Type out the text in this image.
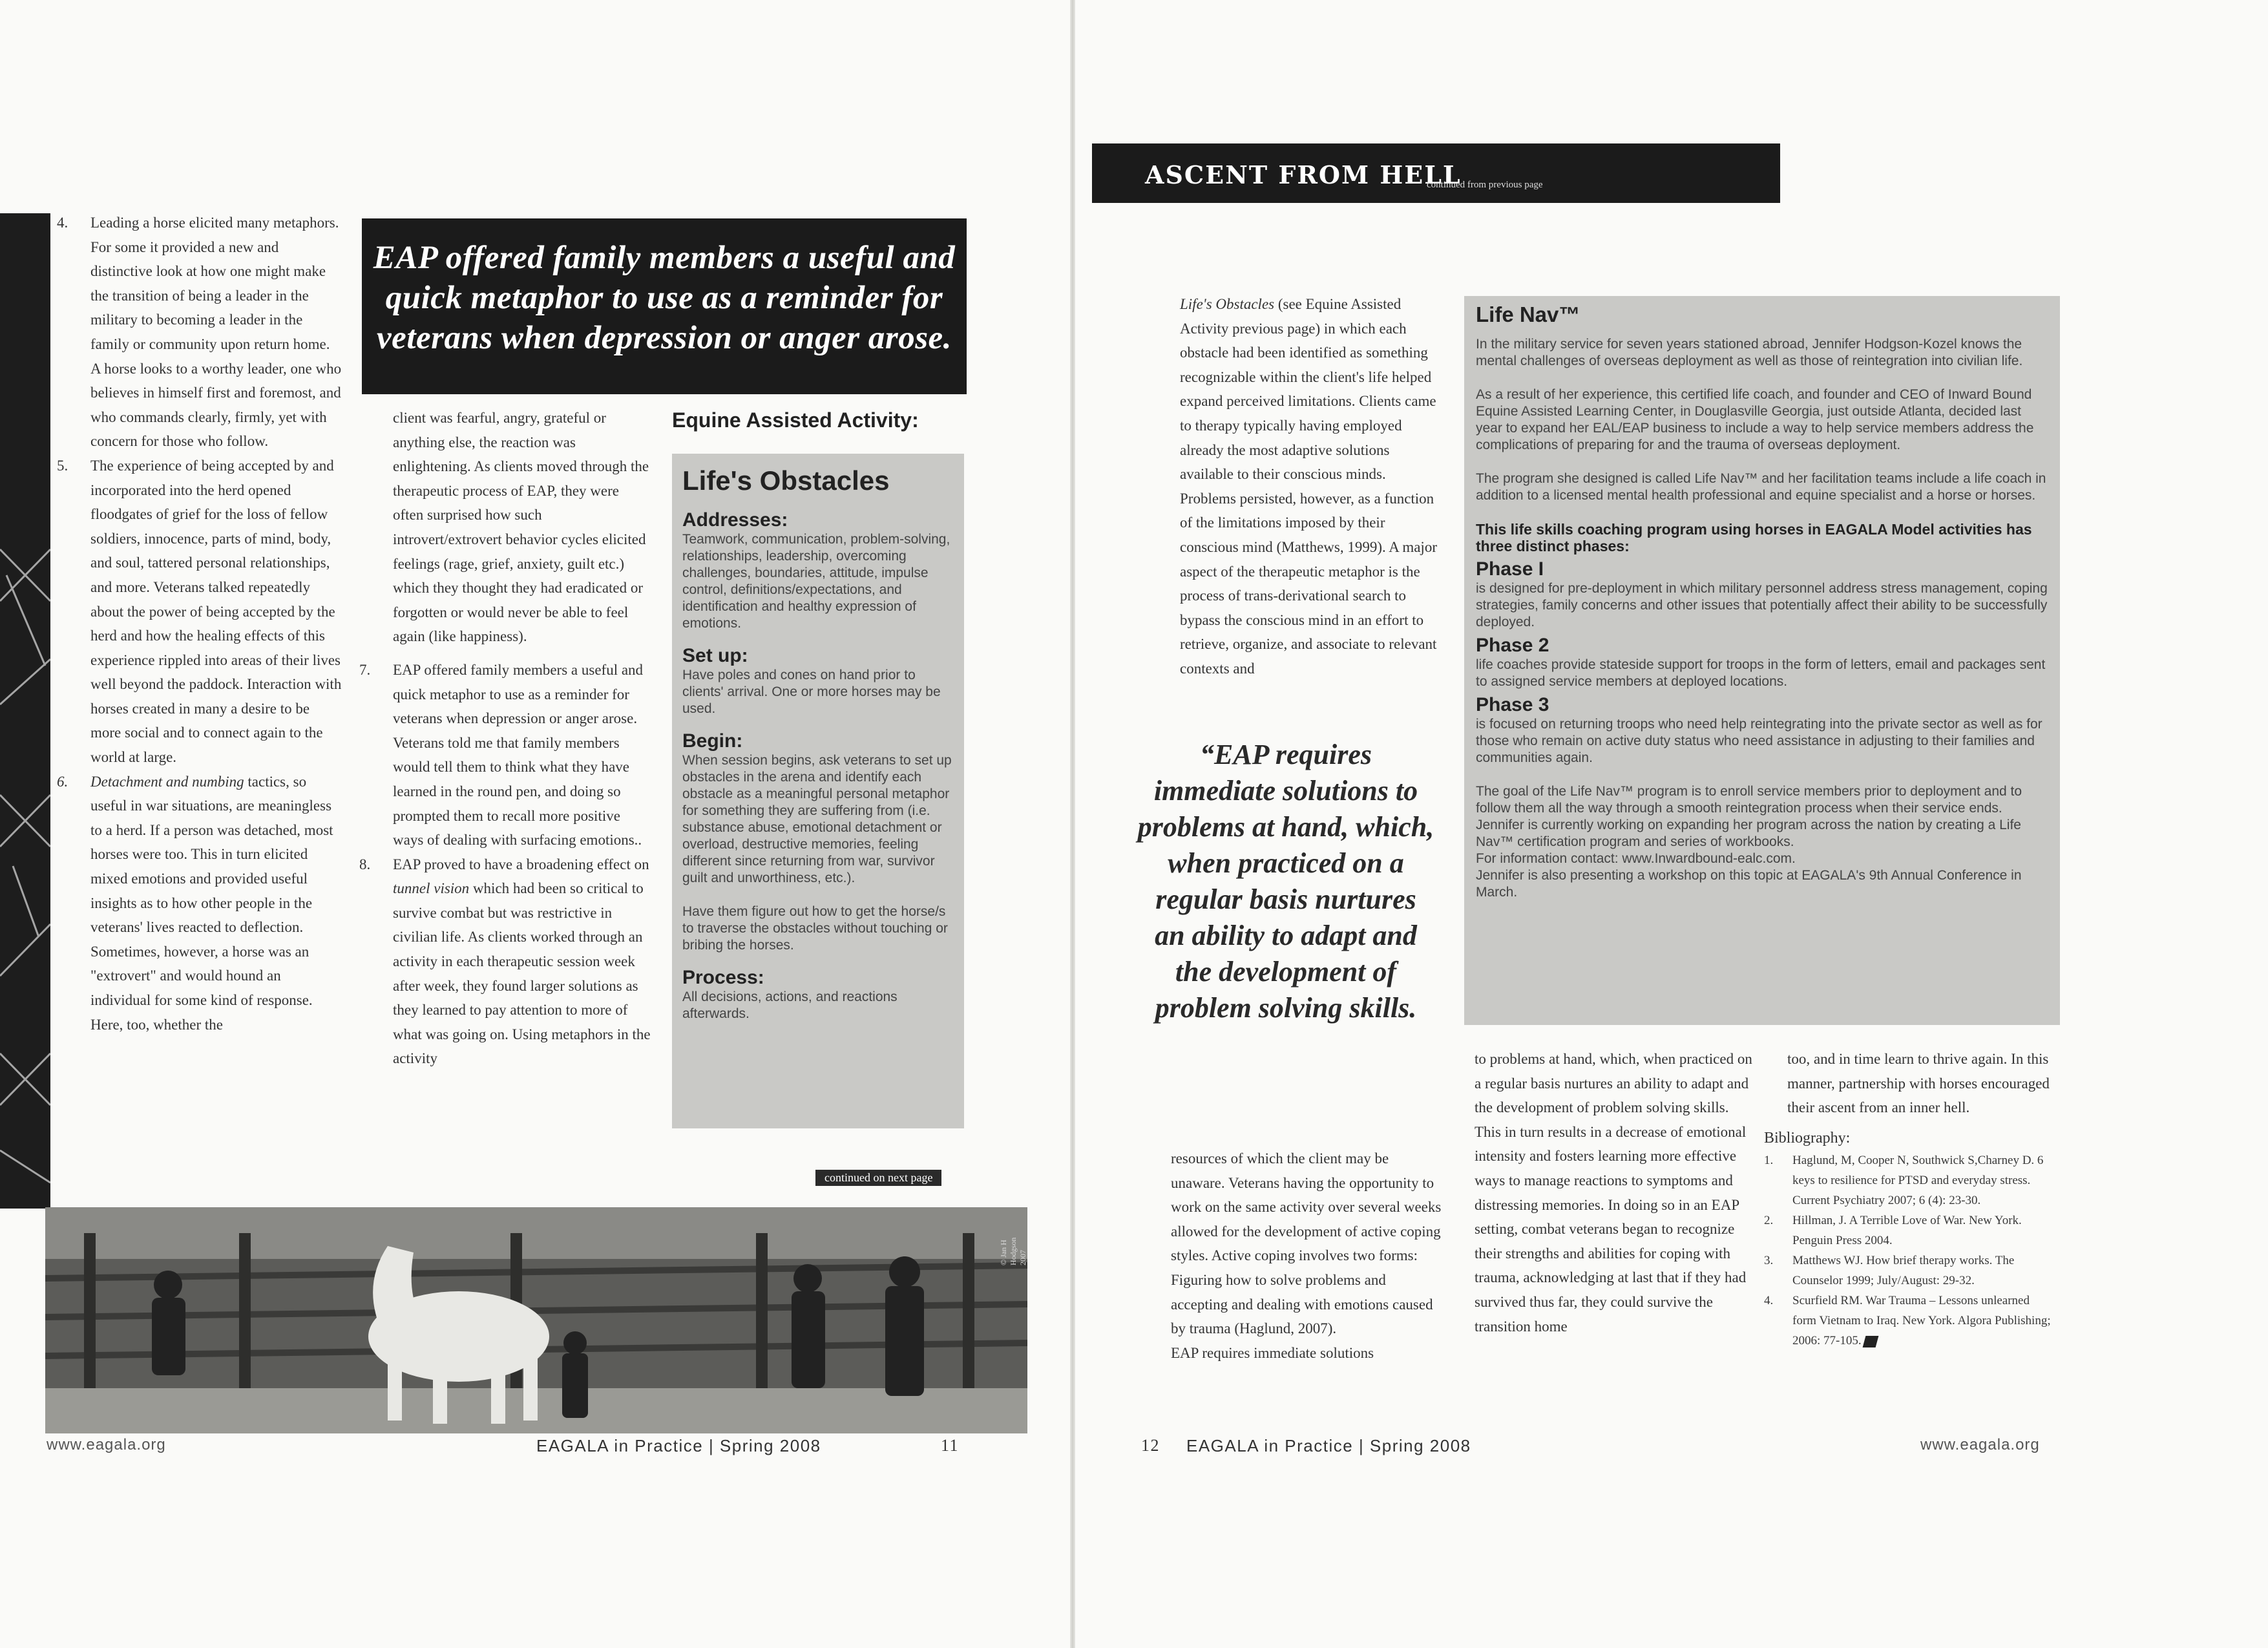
4. Leading a horse elicited many metaphors. For some it provided a new and distinctive look at how one might make the transition of being a leader in the military to becoming a leader in the family or community upon return home. A horse looks to a worthy leader, one who believes in himself first and foremost, and who commands clearly, firmly, yet with concern for those who follow.
5. The experience of being accepted by and incorporated into the herd opened floodgates of grief for the loss of fellow soldiers, innocence, parts of mind, body, and soul, tattered personal relationships, and more. Veterans talked repeatedly about the power of being accepted by the herd and how the healing effects of this experience rippled into areas of their lives well beyond the paddock. Interaction with horses created in many a desire to be more social and to connect again to the world at large.
6. Detachment and numbing tactics, so useful in war situations, are meaningless to a herd. If a person was detached, most horses were too. This in turn elicited mixed emotions and provided useful insights as to how other people in the veterans' lives reacted to deflection. Sometimes, however, a horse was an "extrovert" and would hound an individual for some kind of response. Here, too, whether the
EAP offered family members a useful and quick metaphor to use as a reminder for veterans when depression or anger arose.

client was fearful, angry, grateful or anything else, the reaction was enlightening. As clients moved through the therapeutic process of EAP, they were often surprised how such introvert/extrovert behavior cycles elicited feelings (rage, grief, anxiety, guilt etc.) which they thought they had eradicated or forgotten or would never be able to feel again (like happiness).

7. EAP offered family members a useful and quick metaphor to use as a reminder for veterans when depression or anger arose. Veterans told me that family members would tell them to think what they have learned in the round pen, and doing so prompted them to recall more positive ways of dealing with surfacing emotions..
8. EAP proved to have a broadening effect on tunnel vision which had been so critical to survive combat but was restrictive in civilian life. As clients worked through an activity in each therapeutic session week after week, they found larger solutions as they learned to pay attention to more of what was going on. Using metaphors in the activity
Equine Assisted Activity:
Life's Obstacles
Addresses:
Teamwork, communication, problem-solving, relationships, leadership, overcoming challenges, boundaries, attitude, impulse control, definitions/expectations, and identification and healthy expression of emotions.
Set up:
Have poles and cones on hand prior to clients' arrival. One or more horses may be used.
Begin:
When session begins, ask veterans to set up obstacles in the arena and identify each obstacle as a meaningful personal metaphor for something they are suffering from (i.e. substance abuse, emotional detachment or overload, destructive memories, feeling different since returning from war, survivor guilt and unworthiness, etc.).
Have them figure out how to get the horse/s to traverse the obstacles without touching or bribing the horses.
Process:
All decisions, actions, and reactions afterwards.
continued on next page
© Jan H Hodgson 2007
www.eagala.org	EAGALA in Practice | Spring 2008	11
ASCENT FROM HELL
continued from previous page

Life's Obstacles (see Equine Assisted Activity previous page) in which each obstacle had been identified as something recognizable within the client's life helped expand perceived limitations. Clients came to therapy typically having employed already the most adaptive solutions available to their conscious minds. Problems persisted, however, as a function of the limitations imposed by their conscious mind (Matthews, 1999). A major aspect of the therapeutic metaphor is the process of trans-derivational search to bypass the conscious mind in an effort to retrieve, organize, and associate to relevant contexts and

“EAP requires immediate solutions to problems at hand, which, when practiced on a regular basis nurtures an ability to adapt and the development of problem solving skills.

resources of which the client may be unaware. Veterans having the opportunity to work on the same activity over several weeks allowed for the development of active coping styles. Active coping involves two forms: Figuring how to solve problems and accepting and dealing with emotions caused by trauma (Haglund, 2007).

EAP requires immediate solutions

Life Nav™
In the military service for seven years stationed abroad, Jennifer Hodgson-Kozel knows the mental challenges of overseas deployment as well as those of reintegration into civilian life.
As a result of her experience, this certified life coach, and founder and CEO of Inward Bound Equine Assisted Learning Center, in Douglasville Georgia, just outside Atlanta, decided last year to expand her EAL/EAP business to include a way to help service members address the complications of preparing for and the trauma of overseas deployment.
The program she designed is called Life Nav™ and her facilitation teams include a life coach in addition to a licensed mental health professional and equine specialist and a horse or horses.
This life skills coaching program using horses in EAGALA Model activities has three distinct phases:
Phase I
is designed for pre-deployment in which military personnel address stress management, coping strategies, family concerns and other issues that potentially affect their ability to be successfully deployed.
Phase 2
life coaches provide stateside support for troops in the form of letters, email and packages sent to assigned service members at deployed locations.
Phase 3
is focused on returning troops who need help reintegrating into the private sector as well as for those who remain on active duty status who need assistance in adjusting to their families and communities again.
The goal of the Life Nav™ program is to enroll service members prior to deployment and to follow them all the way through a smooth reintegration process when their service ends. Jennifer is currently working on expanding her program across the nation by creating a Life Nav™ certification program and series of workbooks.
For information contact: www.Inwardbound-ealc.com.
Jennifer is also presenting a workshop on this topic at EAGALA's 9th Annual Conference in March.

to problems at hand, which, when practiced on a regular basis nurtures an ability to adapt and the development of problem solving skills. This in turn results in a decrease of emotional intensity and fosters learning more effective ways to manage reactions to symptoms and distressing memories. In doing so in an EAP setting, combat veterans began to recognize their strengths and abilities for coping with trauma, acknowledging at last that if they had survived thus far, they could survive the transition home

too, and in time learn to thrive again. In this manner, partnership with horses encouraged their ascent from an inner hell.

Bibliography:
1. Haglund, M, Cooper N, Southwick S,Charney D. 6 keys to resilience for PTSD and everyday stress. Current Psychiatry 2007; 6 (4): 23-30.
2. Hillman, J. A Terrible Love of War. New York. Penguin Press 2004.
3. Matthews WJ. How brief therapy works. The Counselor 1999; July/August: 29-32.
4. Scurfield RM. War Trauma – Lessons unlearned form Vietnam to Iraq. New York. Algora Publishing; 2006: 77-105.
12 EAGALA in Practice | Spring 2008	www.eagala.org
